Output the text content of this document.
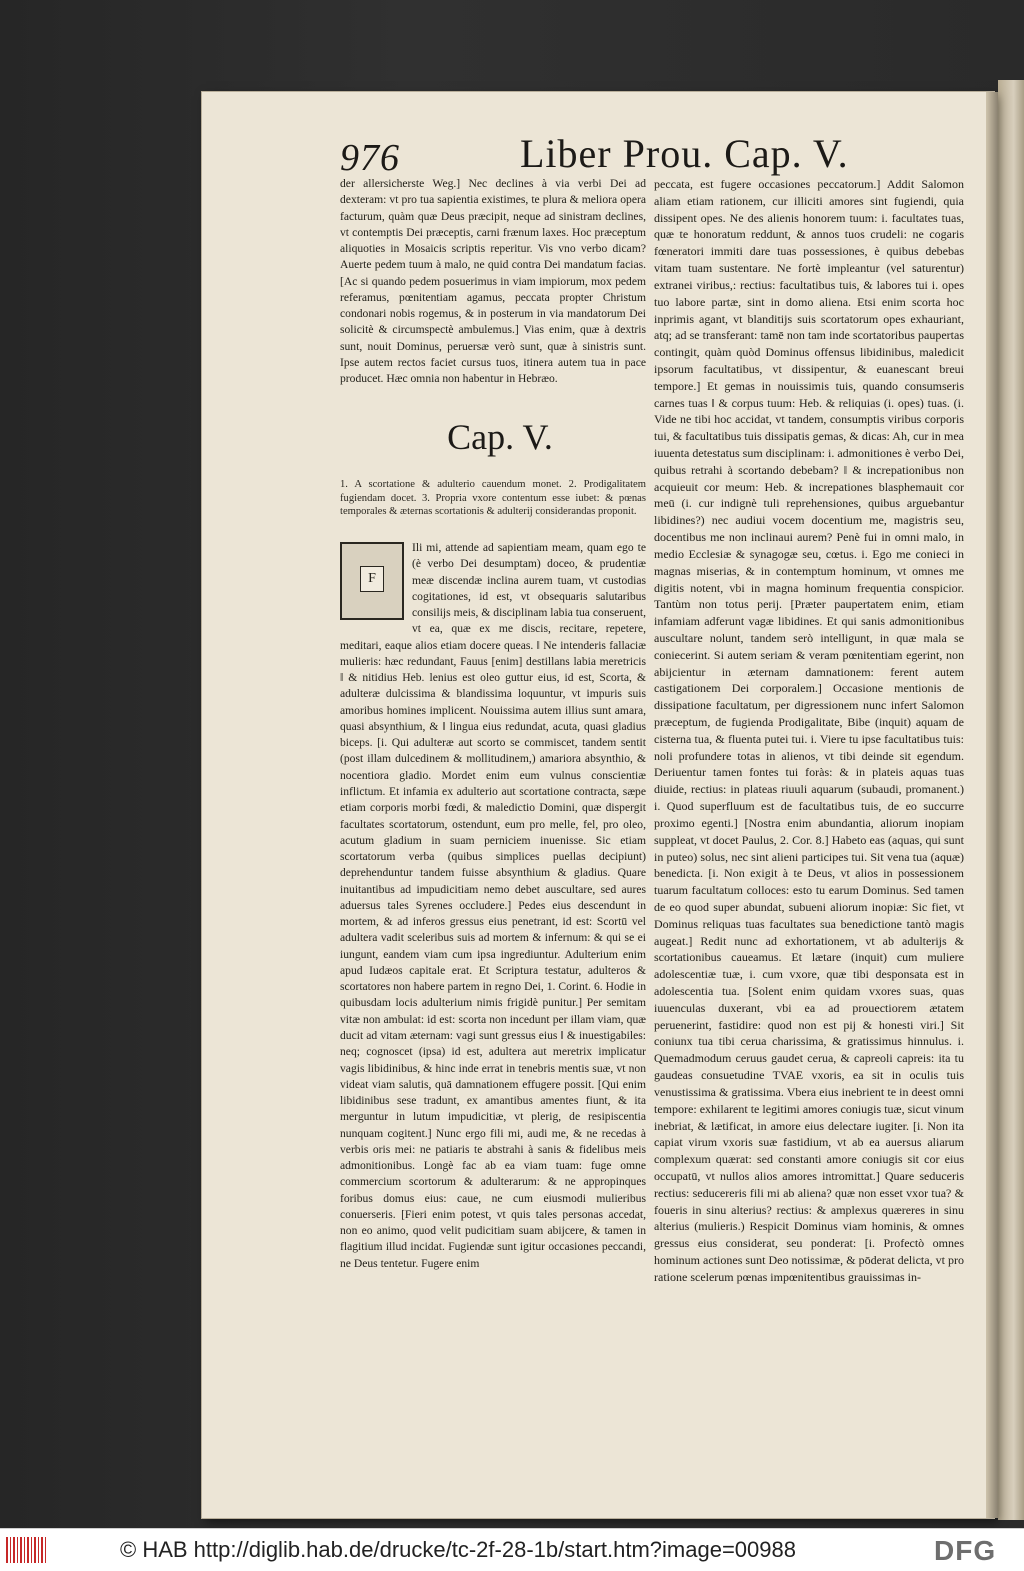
976	Liber Prou. Cap. V.

der allersicherste Weg.] Nec declines à via verbi Dei ad dexteram: vt pro tua sapientia existimes, te plura & meliora opera facturum, quàm quæ Deus præcipit, neque ad sinistram declines, vt contemptis Dei præceptis, carni frænum laxes. Hoc præceptum aliquoties in Mosaicis scriptis reperitur. Vis vno verbo dicam? Auerte pedem tuum à malo, ne quid contra Dei mandatum facias. [Ac si quando pedem posuerimus in viam impiorum, mox pedem referamus, pœnitentiam agamus, peccata propter Christum condonari nobis rogemus, & in posterum in via mandatorum Dei solicitè & circumspectè ambulemus.] Vias enim, quæ à dextris sunt, nouit Dominus, peruersæ verò sunt, quæ à sinistris sunt. Ipse autem rectos faciet cursus tuos, itinera autem tua in pace producet. Hæc omnia non habentur in Hebræo.

Cap. V.
1. A scortatione & adulterio cauendum monet. 2. Prodigalitatem fugiendam docet. 3. Propria vxore contentum esse iubet: & pœnas temporales & æternas scortationis & adulterij considerandas proponit.
F

Ili mi, attende ad sapientiam meam, quam ego te (è verbo Dei desumptam) doceo, & prudentiæ meæ discendæ inclina aurem tuam, vt custodias cogitationes, id est, vt obsequaris salutaribus consilijs meis, & disciplinam labia tua conseruent, vt ea, quæ ex me discis, recitare, repetere, meditari, eaque alios etiam docere queas. ‖ Ne intenderis fallaciæ mulieris: hæc redundant, Fauus [enim] destillans labia meretricis ‖ & nitidius Heb. lenius est oleo guttur eius, id est, Scorta, & adulteræ dulcissima & blandissima loquuntur, vt impuris suis amoribus homines implicent. Nouissima autem illius sunt amara, quasi absynthium, & ‖ lingua eius redundat, acuta, quasi gladius biceps. [i. Qui adulteræ aut scorto se commiscet, tandem sentit (post illam dulcedinem & mollitudinem,) amariora absynthio, & nocentiora gladio. Mordet enim eum vulnus conscientiæ inflictum. Et infamia ex adulterio aut scortatione contracta, sæpe etiam corporis morbi fœdi, & maledictio Domini, quæ dispergit facultates scortatorum, ostendunt, eum pro melle, fel, pro oleo, acutum gladium in suam perniciem inuenisse. Sic etiam scortatorum verba (quibus simplices puellas decipiunt) deprehenduntur tandem fuisse absynthium & gladius. Quare inuitantibus ad impudicitiam nemo debet auscultare, sed aures aduersus tales Syrenes occludere.] Pedes eius descendunt in mortem, & ad inferos gressus eius penetrant, id est: Scortū vel adultera vadit sceleribus suis ad mortem & infernum: & qui se ei iungunt, eandem viam cum ipsa ingrediuntur. Adulterium enim apud Iudæos capitale erat. Et Scriptura testatur, adulteros & scortatores non habere partem in regno Dei, 1. Corint. 6. Hodie in quibusdam locis adulterium nimis frigidè punitur.] Per semitam vitæ non ambulat: id est: scorta non incedunt per illam viam, quæ ducit ad vitam æternam: vagi sunt gressus eius ‖ & inuestigabiles: neq; cognoscet (ipsa) id est, adultera aut meretrix implicatur vagis libidinibus, & hinc inde errat in tenebris mentis suæ, vt non videat viam salutis, quā damnationem effugere possit. [Qui enim libidinibus sese tradunt, ex amantibus amentes fiunt, & ita merguntur in lutum impudicitiæ, vt plerig, de resipiscentia nunquam cogitent.] Nunc ergo fili mi, audi me, & ne recedas à verbis oris mei: ne patiaris te abstrahi à sanis & fidelibus meis admonitionibus. Longè fac ab ea viam tuam: fuge omne commercium scortorum & adulterarum: & ne appropinques foribus domus eius: caue, ne cum eiusmodi mulieribus conuerseris. [Fieri enim potest, vt quis tales personas accedat, non eo animo, quod velit pudicitiam suam abijcere, & tamen in flagitium illud incidat. Fugiendæ sunt igitur occasiones peccandi, ne Deus tentetur. Fugere enim

peccata, est fugere occasiones peccatorum.] Addit Salomon aliam etiam rationem, cur illiciti amores sint fugiendi, quia dissipent opes. Ne des alienis honorem tuum: i. facultates tuas, quæ te honoratum reddunt, & annos tuos crudeli: ne cogaris fœneratori immiti dare tuas possessiones, è quibus debebas vitam tuam sustentare. Ne fortè impleantur (vel saturentur) extranei viribus,: rectius: facultatibus tuis, & labores tui i. opes tuo labore partæ, sint in domo aliena. Etsi enim scorta hoc inprimis agant, vt blanditijs suis scortatorum opes exhauriant, atq; ad se transferant: tamē non tam inde scortatoribus paupertas contingit, quàm quòd Dominus offensus libidinibus, maledicit ipsorum facultatibus, vt dissipentur, & euanescant breui tempore.] Et gemas in nouissimis tuis, quando consumseris carnes tuas ‖ & corpus tuum: Heb. & reliquias (i. opes) tuas. (i. Vide ne tibi hoc accidat, vt tandem, consumptis viribus corporis tui, & facultatibus tuis dissipatis gemas, & dicas: Ah, cur in mea iuuenta detestatus sum disciplinam: i. admonitiones è verbo Dei, quibus retrahi à scortando debebam? ‖ & increpationibus non acquieuit cor meum: Heb. & increpationes blasphemauit cor meū (i. cur indignè tuli reprehensiones, quibus arguebantur libidines?) nec audiui vocem docentium me, magistris seu, docentibus me non inclinaui aurem? Penè fui in omni malo, in medio Ecclesiæ & synagogæ seu, cœtus. i. Ego me conieci in magnas miserias, & in contemptum hominum, vt omnes me digitis notent, vbi in magna hominum frequentia conspicior. Tantùm non totus perij. [Præter paupertatem enim, etiam infamiam adferunt vagæ libidines. Et qui sanis admonitionibus auscultare nolunt, tandem serò intelligunt, in quæ mala se coniecerint. Si autem seriam & veram pœnitentiam egerint, non abijcientur in æternam damnationem: ferent autem castigationem Dei corporalem.] Occasione mentionis de dissipatione facultatum, per digressionem nunc infert Salomon præceptum, de fugienda Prodigalitate, Bibe (inquit) aquam de cisterna tua, & fluenta putei tui. i. Viere tu ipse facultatibus tuis: noli profundere totas in alienos, vt tibi deinde sit egendum. Deriuentur tamen fontes tui foràs: & in plateis aquas tuas diuide, rectius: in plateas riuuli aquarum (subaudi, promanent.) i. Quod superfluum est de facultatibus tuis, de eo succurre proximo egenti.] [Nostra enim abundantia, aliorum inopiam suppleat, vt docet Paulus, 2. Cor. 8.] Habeto eas (aquas, qui sunt in puteo) solus, nec sint alieni participes tui. Sit vena tua (aquæ) benedicta. [i. Non exigit à te Deus, vt alios in possessionem tuarum facultatum colloces: esto tu earum Dominus. Sed tamen de eo quod super abundat, subueni aliorum inopiæ: Sic fiet, vt Dominus reliquas tuas facultates sua benedictione tantò magis augeat.] Redit nunc ad exhortationem, vt ab adulterijs & scortationibus caueamus. Et lætare (inquit) cum muliere adolescentiæ tuæ, i. cum vxore, quæ tibi desponsata est in adolescentia tua. [Solent enim quidam vxores suas, quas iuuenculas duxerant, vbi ea ad prouectiorem ætatem peruenerint, fastidire: quod non est pij & honesti viri.] Sit coniunx tua tibi cerua charissima, & gratissimus hinnulus. i. Quemadmodum ceruus gaudet cerua, & capreoli capreis: ita tu gaudeas consuetudine TVAE vxoris, ea sit in oculis tuis venustissima & gratissima. Vbera eius inebrient te in deest omni tempore: exhilarent te legitimi amores coniugis tuæ, sicut vinum inebriat, & lætificat, in amore eius delectare iugiter. [i. Non ita capiat virum vxoris suæ fastidium, vt ab ea auersus aliarum complexum quærat: sed constanti amore coniugis sit cor eius occupatū, vt nullos alios amores intromittat.] Quare seduceris rectius: seducereris fili mi ab aliena? quæ non esset vxor tua? & foueris in sinu alterius? rectius: & amplexus quæreres in sinu alterius (mulieris.) Respicit Dominus viam hominis, & omnes gressus eius considerat, seu ponderat: [i. Profectò omnes hominum actiones sunt Deo notissimæ, & pōderat delicta, vt pro ratione scelerum pœnas impœnitentibus grauissimas in-

© HAB http://diglib.hab.de/drucke/tc-2f-28-1b/start.htm?image=00988	DFG
